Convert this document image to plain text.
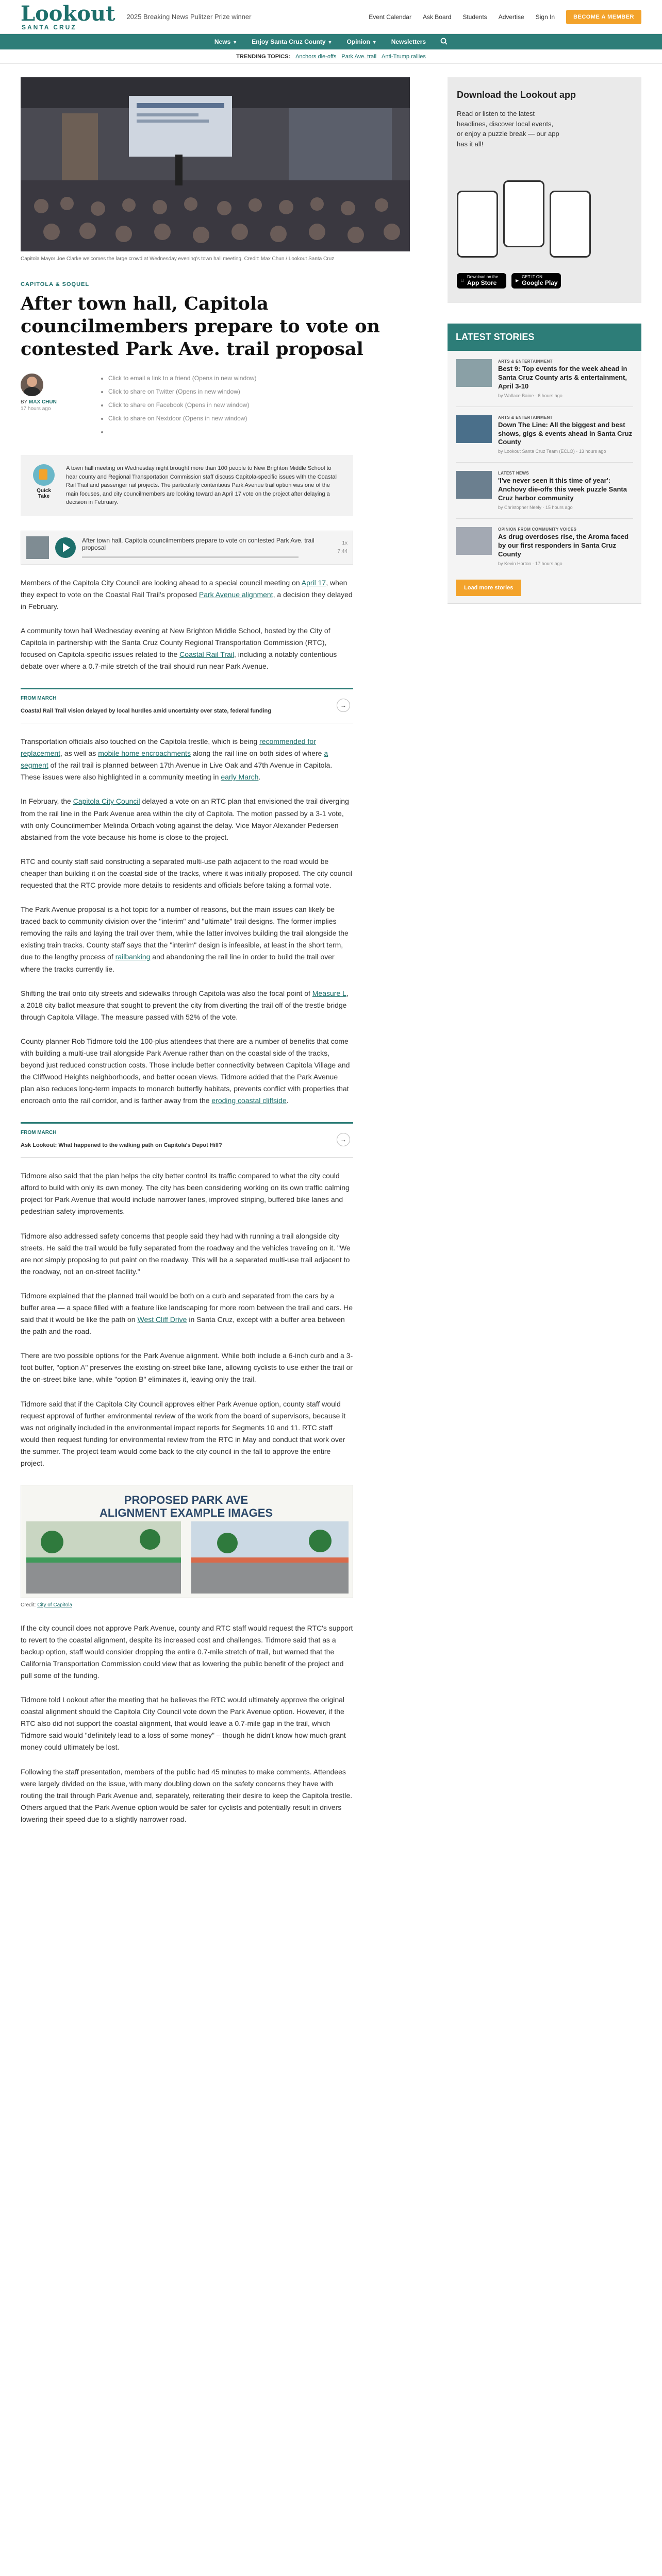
Lookout
SANTA CRUZ
2025 Breaking News Pulitzer Prize winner	Event Calendar Ask Board Students Advertise Sign In	BECOME A MEMBER
News ▼ Enjoy Santa Cruz County ▼ Opinion ▼ Newsletters
TRENDING TOPICS: Anchors die-offs Park Ave. trail Anti-Trump rallies
Capitola Mayor Joe Clarke welcomes the large crowd at Wednesday evening's town hall meeting. Credit: Max Chun / Lookout Santa Cruz
CAPITOLA & SOQUEL
After town hall, Capitola councilmembers prepare to vote on contested Park Ave. trail proposal
BY MAX CHUN
17 hours ago
• Click to email a link to a friend (Opens in new window)
• Click to share on Twitter (Opens in new window)
• Click to share on Facebook (Opens in new window)
• Click to share on Nextdoor (Opens in new window)
•
Quick Take
A town hall meeting on Wednesday night brought more than 100 people to New Brighton Middle School to hear county and Regional Transportation Commission staff discuss Capitola-specific issues with the Coastal Rail Trail and passenger rail projects. The particularly contentious Park Avenue trail option was one of the main focuses, and city councilmembers are looking toward an April 17 vote on the project after delaying a decision in February.
After town hall, Capitola councilmembers prepare to vote on contested Park Ave. trail proposal
1x
7:44

Members of the Capitola City Council are looking ahead to a special council meeting on April 17, when they expect to vote on the Coastal Rail Trail's proposed Park Avenue alignment, a decision they delayed in February.

A community town hall Wednesday evening at New Brighton Middle School, hosted by the City of Capitola in partnership with the Santa Cruz County Regional Transportation Commission (RTC), focused on Capitola-specific issues related to the Coastal Rail Trail, including a notably contentious debate over where a 0.7-mile stretch of the trail should run near Park Avenue.

FROM MARCH
Coastal Rail Trail vision delayed by local hurdles amid uncertainty over state, federal funding
→

Transportation officials also touched on the Capitola trestle, which is being recommended for replacement, as well as mobile home encroachments along the rail line on both sides of where a segment of the rail trail is planned between 17th Avenue in Live Oak and 47th Avenue in Capitola. These issues were also highlighted in a community meeting in early March.

In February, the Capitola City Council delayed a vote on an RTC plan that envisioned the trail diverging from the rail line in the Park Avenue area within the city of Capitola. The motion passed by a 3-1 vote, with only Councilmember Melinda Orbach voting against the delay. Vice Mayor Alexander Pedersen abstained from the vote because his home is close to the project.

RTC and county staff said constructing a separated multi-use path adjacent to the road would be cheaper than building it on the coastal side of the tracks, where it was initially proposed. The city council requested that the RTC provide more details to residents and officials before taking a formal vote.

The Park Avenue proposal is a hot topic for a number of reasons, but the main issues can likely be traced back to community division over the "interim" and "ultimate" trail designs. The former implies removing the rails and laying the trail over them, while the latter involves building the trail alongside the existing train tracks. County staff says that the "interim" design is infeasible, at least in the short term, due to the lengthy process of railbanking and abandoning the rail line in order to build the trail over where the tracks currently lie.

Shifting the trail onto city streets and sidewalks through Capitola was also the focal point of Measure L, a 2018 city ballot measure that sought to prevent the city from diverting the trail off of the trestle bridge through Capitola Village. The measure passed with 52% of the vote.

County planner Rob Tidmore told the 100-plus attendees that there are a number of benefits that come with building a multi-use trail alongside Park Avenue rather than on the coastal side of the tracks, beyond just reduced construction costs. Those include better connectivity between Capitola Village and the Cliffwood Heights neighborhoods, and better ocean views. Tidmore added that the Park Avenue plan also reduces long-term impacts to monarch butterfly habitats, prevents conflict with properties that encroach onto the rail corridor, and is farther away from the eroding coastal cliffside.

FROM MARCH
Ask Lookout: What happened to the walking path on Capitola's Depot Hill?
→

Tidmore also said that the plan helps the city better control its traffic compared to what the city could afford to build with only its own money. The city has been considering working on its own traffic calming project for Park Avenue that would include narrower lanes, improved striping, buffered bike lanes and pedestrian safety improvements.

Tidmore also addressed safety concerns that people said they had with running a trail alongside city streets. He said the trail would be fully separated from the roadway and the vehicles traveling on it. "We are not simply proposing to put paint on the roadway. This will be a separated multi-use trail adjacent to the roadway, not an on-street facility."

Tidmore explained that the planned trail would be both on a curb and separated from the cars by a buffer area — a space filled with a feature like landscaping for more room between the trail and cars. He said that it would be like the path on West Cliff Drive in Santa Cruz, except with a buffer area between the path and the road.

There are two possible options for the Park Avenue alignment. While both include a 6-inch curb and a 3-foot buffer, "option A" preserves the existing on-street bike lane, allowing cyclists to use either the trail or the on-street bike lane, while "option B" eliminates it, leaving only the trail.

Tidmore said that if the Capitola City Council approves either Park Avenue option, county staff would request approval of further environmental review of the work from the board of supervisors, because it was not originally included in the environmental impact reports for Segments 10 and 11. RTC staff would then request funding for environmental review from the RTC in May and conduct that work over the summer. The project team would come back to the city council in the fall to approve the entire project.

PROPOSED PARK AVE ALIGNMENT EXAMPLE IMAGES
Credit: City of Capitola

If the city council does not approve Park Avenue, county and RTC staff would request the RTC's support to revert to the coastal alignment, despite its increased cost and challenges. Tidmore said that as a backup option, staff would consider dropping the entire 0.7-mile stretch of trail, but warned that the California Transportation Commission could view that as lowering the public benefit of the project and pull some of the funding.

Tidmore told Lookout after the meeting that he believes the RTC would ultimately approve the original coastal alignment should the Capitola City Council vote down the Park Avenue option. However, if the RTC also did not support the coastal alignment, that would leave a 0.7-mile gap in the trail, which Tidmore said would "definitely lead to a loss of some money" – though he didn't know how much grant money could ultimately be lost.

Following the staff presentation, members of the public had 45 minutes to make comments. Attendees were largely divided on the issue, with many doubling down on the safety concerns they have with routing the trail through Park Avenue and, separately, reiterating their desire to keep the Capitola trestle. Others argued that the Park Avenue option would be safer for cyclists and potentially result in drivers lowering their speed due to a slightly narrower road.

Download the Lookout app
Read or listen to the latest headlines, discover local events, or enjoy a puzzle break — our app has it all!
Download on the
App Store	▶
GET IT ON
Google Play
LATEST STORIES
ARTS & ENTERTAINMENT
Best 9: Top events for the week ahead in Santa Cruz County arts & entertainment, April 3-10
by Wallace Baine · 6 hours ago
ARTS & ENTERTAINMENT
Down The Line: All the biggest and best shows, gigs & events ahead in Santa Cruz County
by Lookout Santa Cruz Team (ECLO) · 13 hours ago
LATEST NEWS
'I've never seen it this time of year': Anchovy die-offs this week puzzle Santa Cruz harbor community
by Christopher Neely · 15 hours ago
OPINION FROM COMMUNITY VOICES
As drug overdoses rise, the Aroma faced by our first responders in Santa Cruz County
by Kevin Horton · 17 hours ago
Load more stories
